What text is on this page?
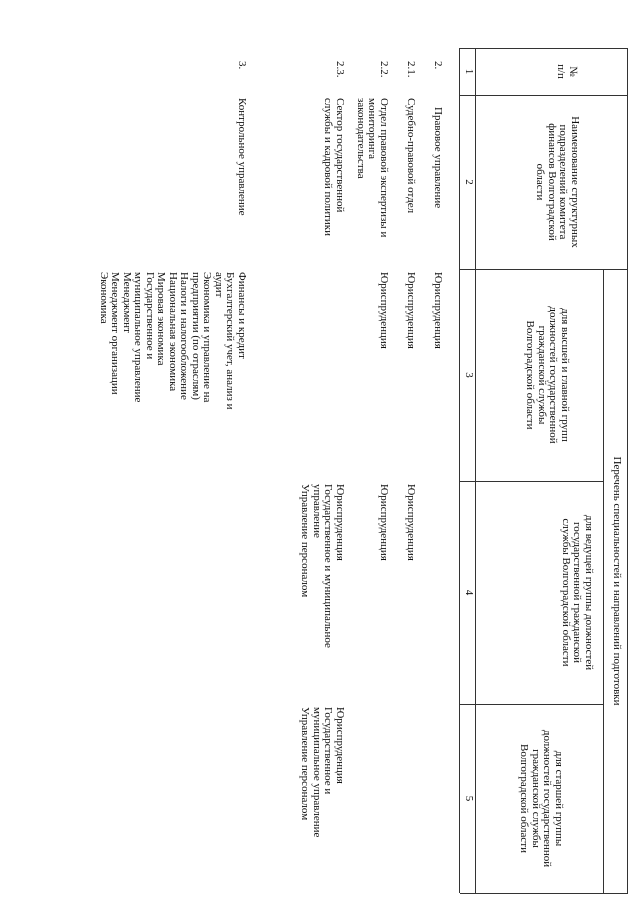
№
п/п
Наименование структурных
подразделений комитета
финансов Волгоградской
области
Перечень специальностей и направлений подготовки
для высшей и главной групп
должностей государственной
гражданской службы
Волгоградской области
для ведущей группы должностей
государственной гражданской
службы Волгоградской области
для старшей группы
должностей государственной
гражданской службы
Волгоградской области
1
2
3
4
5
2.
Правовое управление
Юриспруденция
2.1.
Судебно-правовой отдел
Юриспруденция
Юриспруденция
2.2.
Отдел правовой экспертизы и
мониторинга
законодательства
Юриспруденция
Юриспруденция
2.3.
Сектор государственной
службы и кадровой политики
Юриспруденция
Государственное и муниципальное
управление
Управление персоналом
Юриспруденция
Государственное и
муниципальное управление
Управление персоналом
3.
Контрольное управление
Финансы и кредит
Бухгалтерский учет, анализ и
аудит
Экономика и управление на
предприятии (по отраслям)
Налоги и налогообложение
Национальная экономика
Мировая экономика
Государственное и
муниципальное управление
Менеджмент
Менеджмент организации
Экономика
